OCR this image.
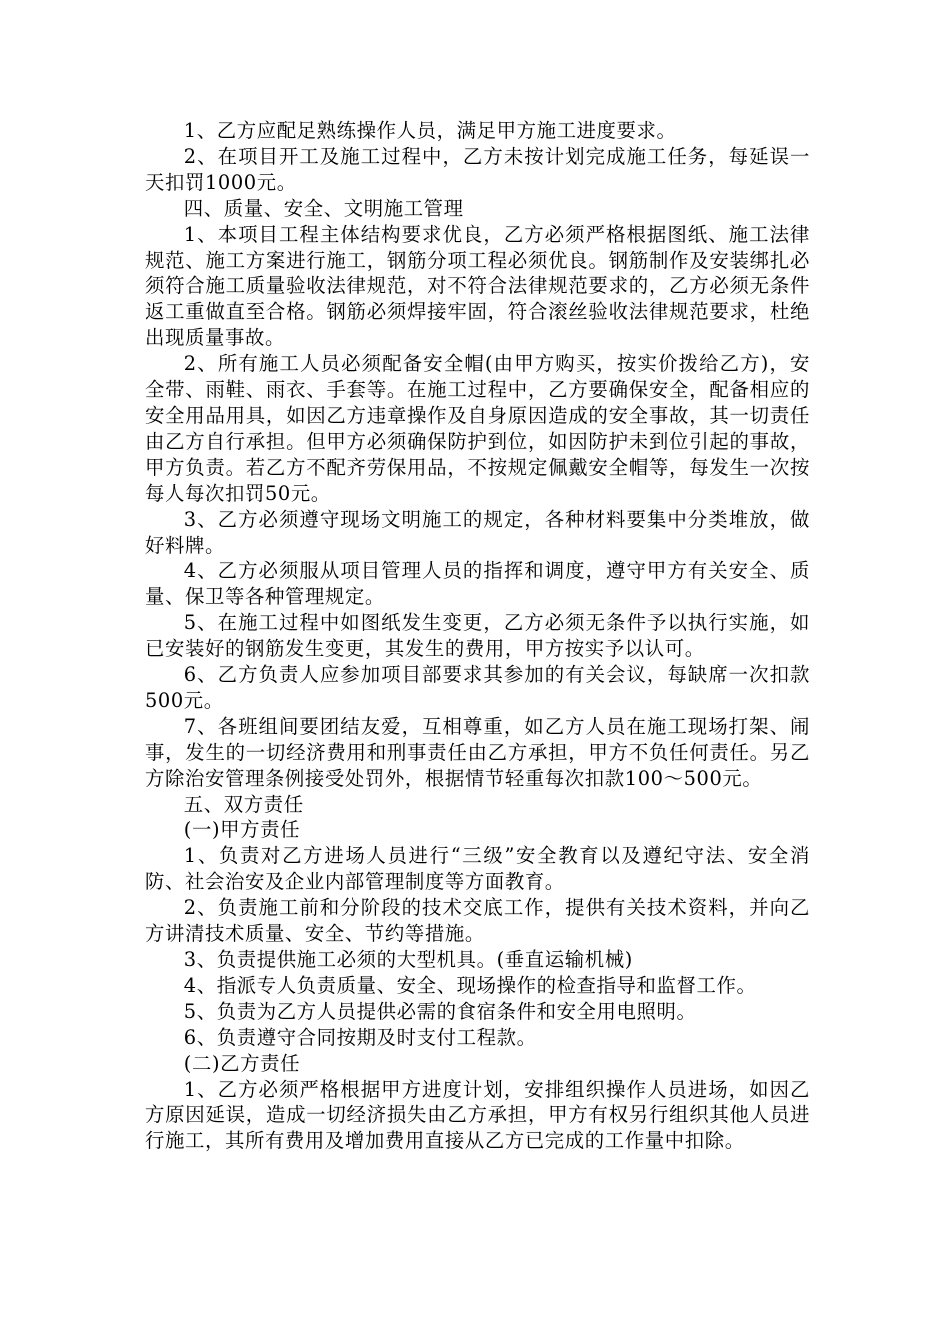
1、乙方应配足熟练操作人员，满足甲方施工进度要求。

2、在项目开工及施工过程中，乙方未按计划完成施工任务，每延误一天扣罚1000元。

四、质量、安全、文明施工管理

1、本项目工程主体结构要求优良，乙方必须严格根据图纸、施工法律规范、施工方案进行施工，钢筋分项工程必须优良。钢筋制作及安装绑扎必须符合施工质量验收法律规范，对不符合法律规范要求的，乙方必须无条件返工重做直至合格。钢筋必须焊接牢固，符合滚丝验收法律规范要求，杜绝出现质量事故。

2、所有施工人员必须配备安全帽(由甲方购买，按实价拨给乙方)，安全带、雨鞋、雨衣、手套等。在施工过程中，乙方要确保安全，配备相应的安全用品用具，如因乙方违章操作及自身原因造成的安全事故，其一切责任由乙方自行承担。但甲方必须确保防护到位，如因防护未到位引起的事故，甲方负责。若乙方不配齐劳保用品，不按规定佩戴安全帽等，每发生一次按每人每次扣罚50元。

3、乙方必须遵守现场文明施工的规定，各种材料要集中分类堆放，做好料牌。

4、乙方必须服从项目管理人员的指挥和调度，遵守甲方有关安全、质量、保卫等各种管理规定。

5、在施工过程中如图纸发生变更，乙方必须无条件予以执行实施，如已安装好的钢筋发生变更，其发生的费用，甲方按实予以认可。

6、乙方负责人应参加项目部要求其参加的有关会议，每缺席一次扣款500元。

7、各班组间要团结友爱，互相尊重，如乙方人员在施工现场打架、闹事，发生的一切经济费用和刑事责任由乙方承担，甲方不负任何责任。另乙方除治安管理条例接受处罚外，根据情节轻重每次扣款100～500元。

五、双方责任

(一)甲方责任

1、负责对乙方进场人员进行“三级”安全教育以及遵纪守法、安全消防、社会治安及企业内部管理制度等方面教育。

2、负责施工前和分阶段的技术交底工作，提供有关技术资料，并向乙方讲清技术质量、安全、节约等措施。

3、负责提供施工必须的大型机具。(垂直运输机械)

4、指派专人负责质量、安全、现场操作的检查指导和监督工作。

5、负责为乙方人员提供必需的食宿条件和安全用电照明。

6、负责遵守合同按期及时支付工程款。

(二)乙方责任

1、乙方必须严格根据甲方进度计划，安排组织操作人员进场，如因乙方原因延误，造成一切经济损失由乙方承担，甲方有权另行组织其他人员进行施工，其所有费用及增加费用直接从乙方已完成的工作量中扣除。
